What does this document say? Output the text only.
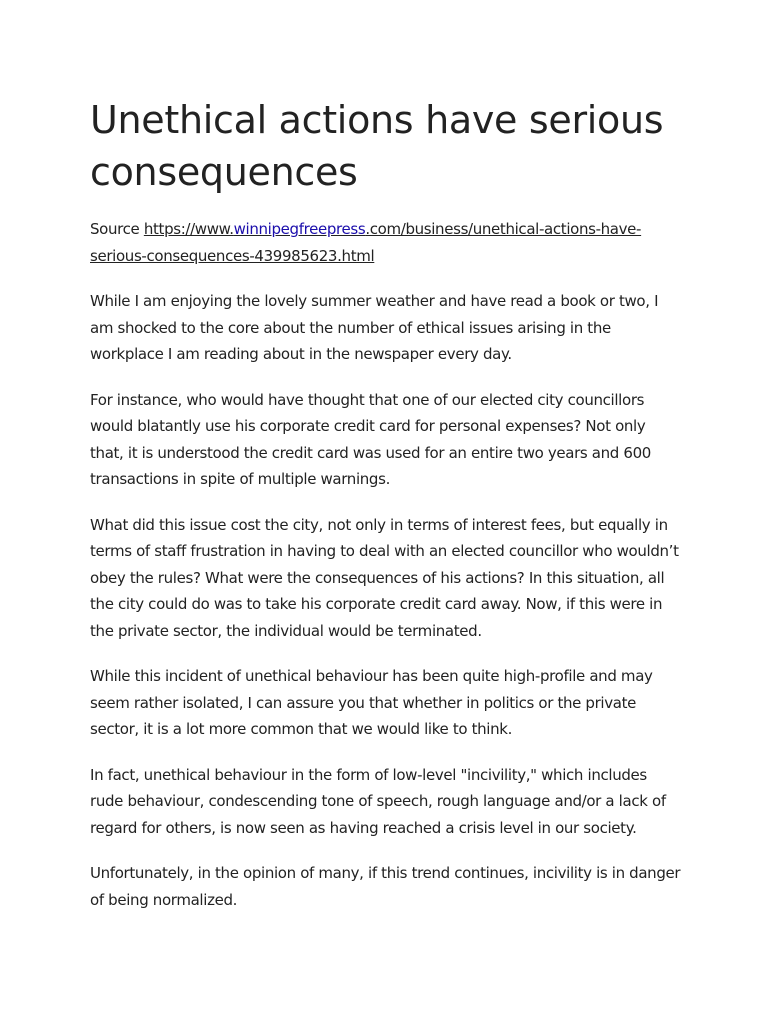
Unethical actions have serious consequences

Source https://www.winnipegfreepress.com/business/unethical-actions-have-serious-consequences-439985623.html

While I am enjoying the lovely summer weather and have read a book or two, I am shocked to the core about the number of ethical issues arising in the workplace I am reading about in the newspaper every day.

For instance, who would have thought that one of our elected city councillors would blatantly use his corporate credit card for personal expenses? Not only that, it is understood the credit card was used for an entire two years and 600 transactions in spite of multiple warnings.

What did this issue cost the city, not only in terms of interest fees, but equally in terms of staff frustration in having to deal with an elected councillor who wouldn’t obey the rules? What were the consequences of his actions? In this situation, all the city could do was to take his corporate credit card away. Now, if this were in the private sector, the individual would be terminated.

While this incident of unethical behaviour has been quite high-profile and may seem rather isolated, I can assure you that whether in politics or the private sector, it is a lot more common that we would like to think.

In fact, unethical behaviour in the form of low-level "incivility," which includes rude behaviour, condescending tone of speech, rough language and/or a lack of regard for others, is now seen as having reached a crisis level in our society.

Unfortunately, in the opinion of many, if this trend continues, incivility is in danger of being normalized.
